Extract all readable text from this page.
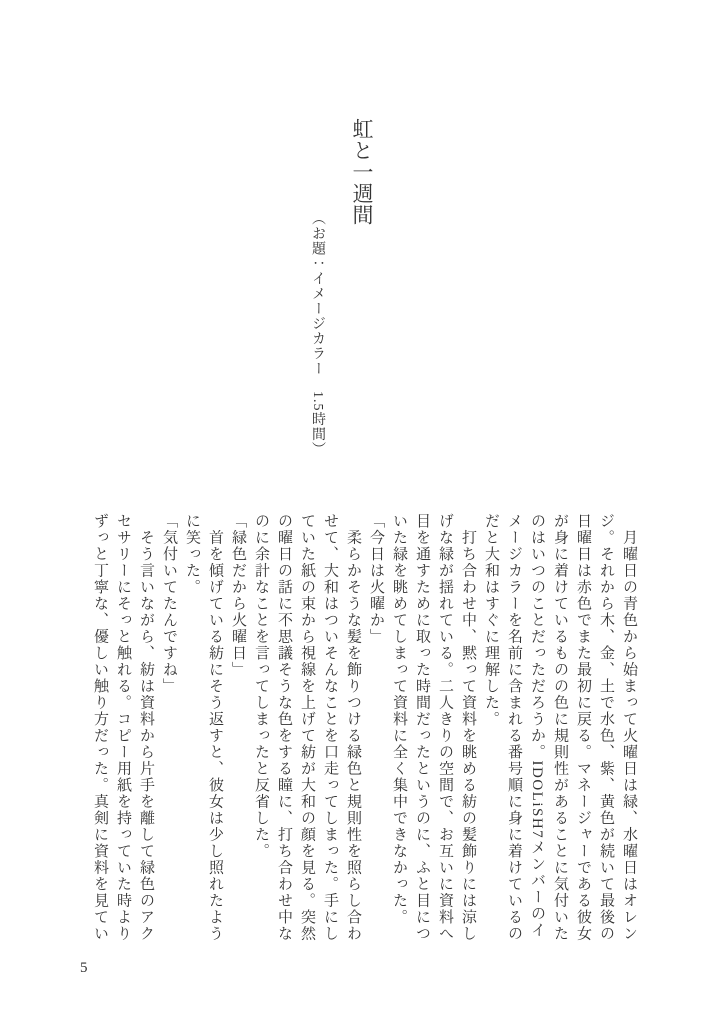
虹と一週間
（お題：イメージカラー　1.5時間）

　月曜日の青色から始まって火曜日は緑、水曜日はオレンジ。それから木、金、土で水色、紫、黄色が続いて最後の日曜日は赤色でまた最初に戻る。マネージャーである彼女が身に着けているものの色に規則性があることに気付いたのはいつのことだっただろうか。IDOLiSH7メンバーのイメージカラーを名前に含まれる番号順に身に着けているのだと大和はすぐに理解した。

　打ち合わせ中、黙って資料を眺める紡の髪飾りには涼しげな緑が揺れている。二人きりの空間で、お互いに資料へ目を通すために取った時間だったというのに、ふと目についた緑を眺めてしまって資料に全く集中できなかった。

「今日は火曜か」

　柔らかそうな髪を飾りつける緑色と規則性を照らし合わせて、大和はついそんなことを口走ってしまった。手にしていた紙の束から視線を上げて紡が大和の顔を見る。突然の曜日の話に不思議そうな色をする瞳に、打ち合わせ中なのに余計なことを言ってしまったと反省した。

「緑色だから火曜日」

　首を傾げている紡にそう返すと、彼女は少し照れたように笑った。

「気付いてたんですね」

　そう言いながら、紡は資料から片手を離して緑色のアクセサリーにそっと触れる。コピー用紙を持っていた時よりずっと丁寧な、優しい触り方だった。真剣に資料を見てい

5
